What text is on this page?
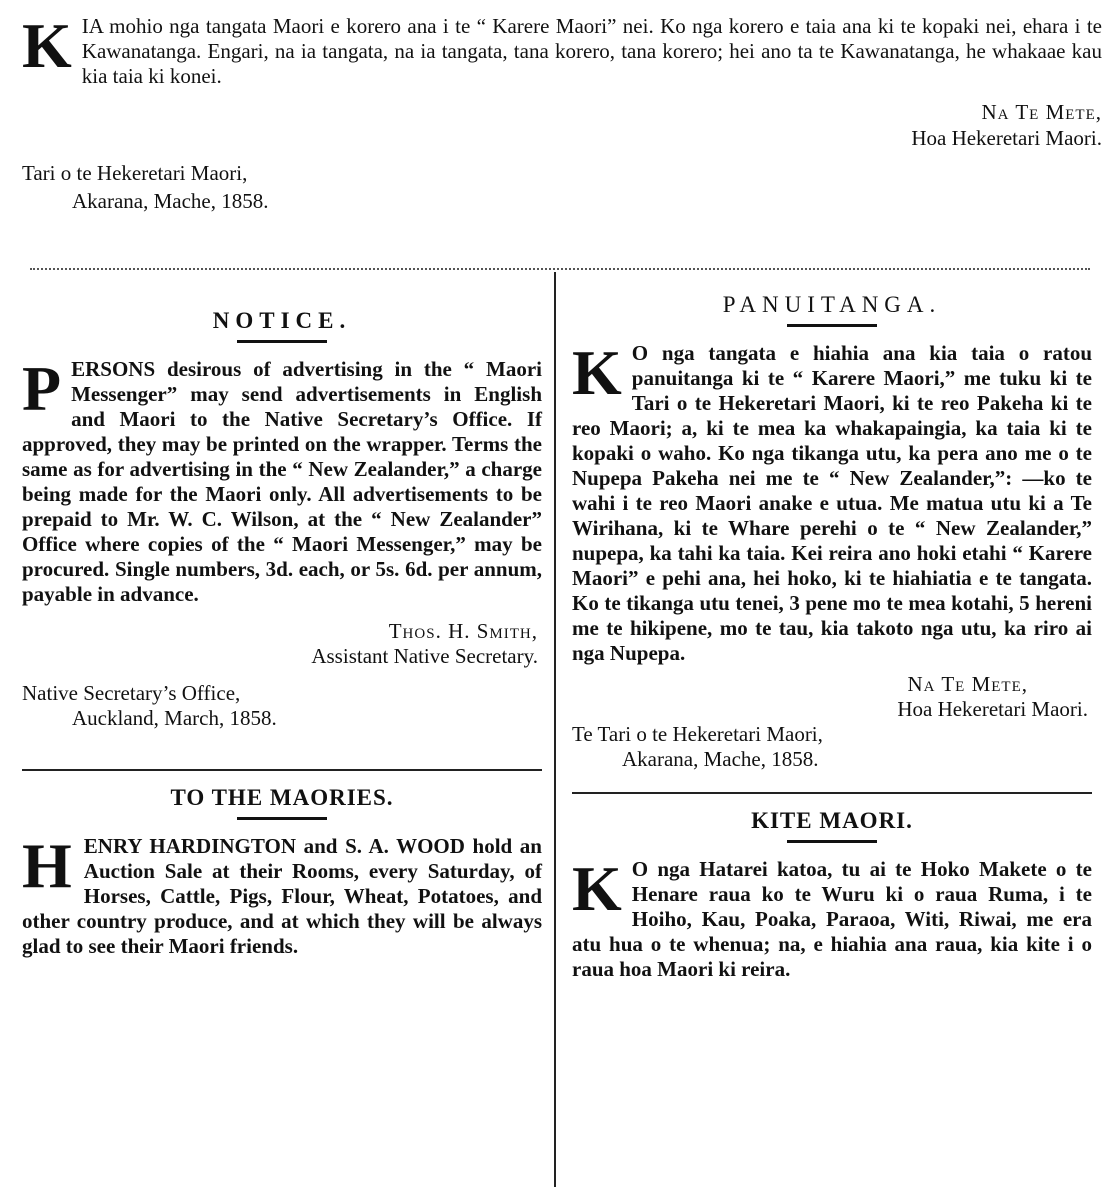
K IA mohio nga tangata Maori e korero ana i te “ Karere Maori” nei. Ko nga korero e taia ana ki te kopaki nei, ehara i te Kawanatanga. Engari, na ia tangata, na ia tangata, tana korero, tana korero; hei ano ta te Kawanatanga, he whakaae kau kia taia ki konei.

Na Te Mete,
Hoa Hekeretari Maori.
Tari o te Hekeretari Maori,
Akarana, Mache, 1858.
NOTICE.

P ERSONS desirous of advertising in the “ Maori Messenger” may send advertisements in English and Maori to the Native Secretary’s Office. If approved, they may be printed on the wrapper. Terms the same as for advertising in the “ New Zealander,” a charge being made for the Maori only. All advertisements to be prepaid to Mr. W. C. Wilson, at the “ New Zealander” Office where copies of the “ Maori Messenger,” may be procured. Single numbers, 3d. each, or 5s. 6d. per annum, payable in advance.

Thos. H. Smith,
Assistant Native Secretary.
Native Secretary’s Office,
Auckland, March, 1858.
TO THE MAORIES.

H ENRY HARDINGTON and S. A. WOOD hold an Auction Sale at their Rooms, every Saturday, of Horses, Cattle, Pigs, Flour, Wheat, Potatoes, and other country produce, and at which they will be always glad to see their Maori friends.

PANUITANGA.

K O nga tangata e hiahia ana kia taia o ratou panuitanga ki te “ Karere Maori,” me tuku ki te Tari o te Hekeretari Maori, ki te reo Pakeha ki te reo Maori; a, ki te mea ka whakapaingia, ka taia ki te kopaki o waho. Ko nga tikanga utu, ka pera ano me o te Nupepa Pakeha nei me te “ New Zealander,”: —ko te wahi i te reo Maori anake e utua. Me matua utu ki a Te Wirihana, ki te Whare perehi o te “ New Zealander,” nupepa, ka tahi ka taia. Kei reira ano hoki etahi “ Karere Maori” e pehi ana, hei hoko, ki te hiahiatia e te tangata. Ko te tikanga utu tenei, 3 pene mo te mea kotahi, 5 hereni me te hikipene, mo te tau, kia takoto nga utu, ka riro ai nga Nupepa.

Na Te Mete,
Hoa Hekeretari Maori.
Te Tari o te Hekeretari Maori,
Akarana, Mache, 1858.
KITE MAORI.

K O nga Hatarei katoa, tu ai te Hoko Makete o te Henare raua ko te Wuru ki o raua Ruma, i te Hoiho, Kau, Poaka, Paraoa, Witi, Riwai, me era atu hua o te whenua; na, e hiahia ana raua, kia kite i o raua hoa Maori ki reira.
